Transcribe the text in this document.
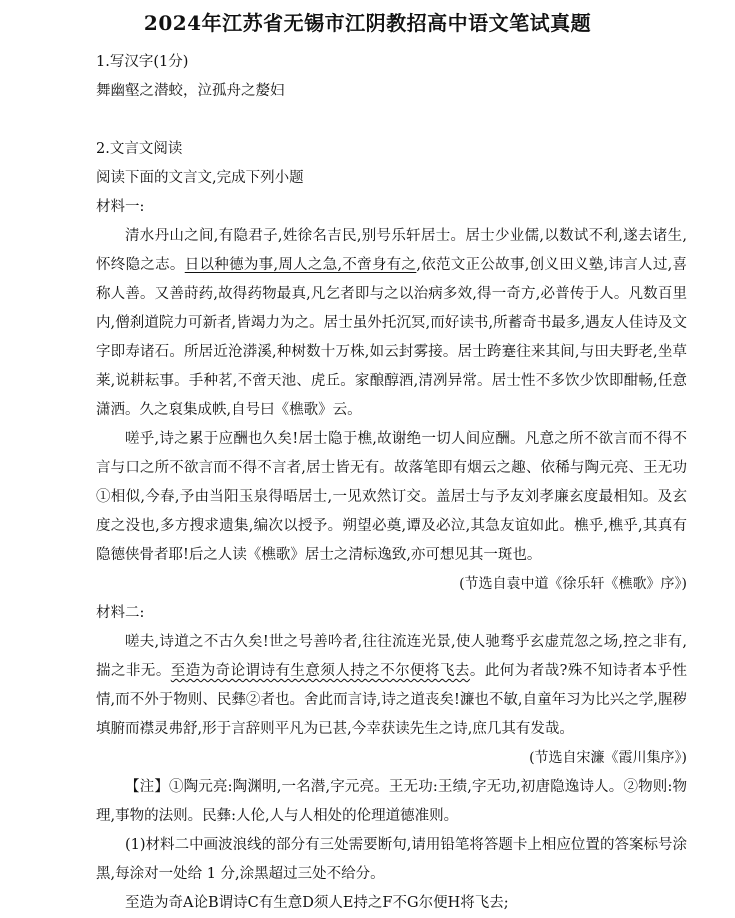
2024年江苏省无锡市江阴教招高中语文笔试真题
1.写汉字(1分)
舞幽壑之潜蛟，泣孤舟之嫠妇
2.文言文阅读
阅读下面的文言文,完成下列小题
材料一:
清水丹山之间,有隐君子,姓徐名吉民,别号乐轩居士。居士少业儒,以数试不利,遂去诸生,怀终隐之志。日以种德为事,周人之急,不啻身有之,依范文正公故事,创义田义塾,讳言人过,喜称人善。又善莳药,故得药物最真,凡乞者即与之以治病多效,得一奇方,必普传于人。凡数百里内,僧刹道院力可新者,皆竭力为之。居士虽外托沉冥,而好读书,所蓄奇书最多,遇友人佳诗及文字即寿诸石。所居近沧漭溪,种树数十万株,如云封雾接。居士跨蹇往来其间,与田夫野老,坐草莱,说耕耘事。手种茗,不啻天池、虎丘。家酿醇酒,清冽异常。居士性不多饮少饮即酣畅,任意潇洒。久之裒集成帙,自号曰《樵歌》云。
嗟乎,诗之累于应酬也久矣!居士隐于樵,故谢绝一切人间应酬。凡意之所不欲言而不得不言与口之所不欲言而不得不言者,居士皆无有。故落笔即有烟云之趣、依稀与陶元亮、王无功①相似,今春,予由当阳玉泉得晤居士,一见欢然订交。盖居士与予友刘孝廉玄度最相知。及玄度之没也,多方搜求遗集,编次以授予。朔望必奠,谭及必泣,其急友谊如此。樵乎,樵乎,其真有隐德侠骨者耶!后之人读《樵歌》居士之清标逸致,亦可想见其一斑也。
(节选自袁中道《徐乐轩《樵歌》序》)
材料二:
嗟夫,诗道之不古久矣!世之号善吟者,往往流连光景,使人驰骛乎玄虚荒忽之场,控之非有,揣之非无。至造为奇论谓诗有生意须人持之不尔便将飞去。此何为者哉?殊不知诗者本乎性情,而不外于物则、民彝②者也。舍此而言诗,诗之道丧矣!濂也不敏,自童年习为比兴之学,腥秽填腑而襟灵弗舒,形于言辞则平凡为已甚,今幸获读先生之诗,庶几其有发哉。
(节选自宋濂《霞川集序》)
【注】①陶元亮:陶渊明,一名潜,字元亮。王无功:王绩,字无功,初唐隐逸诗人。②物则:物理,事物的法则。民彝:人伦,人与人相处的伦理道德准则。
(1)材料二中画波浪线的部分有三处需要断句,请用铅笔将答题卡上相应位置的答案标号涂黑,每涂对一处给 1 分,涂黑超过三处不给分。
至造为奇A论B谓诗C有生意D须人E持之F不G尔便H将飞去;
